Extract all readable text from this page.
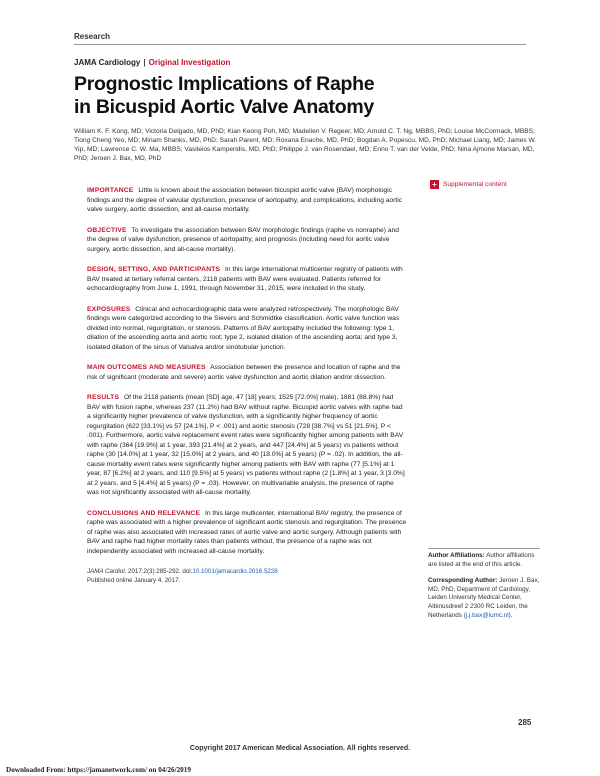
Research
JAMA Cardiology | Original Investigation
Prognostic Implications of Raphe
in Bicuspid Aortic Valve Anatomy

William K. F. Kong, MD; Victoria Delgado, MD, PhD; Kian Keong Poh, MD; Madelien V. Regeer, MD; Arnold C. T. Ng, MBBS, PhD; Louise McCormack, MBBS; Tiong Cheng Yeo, MD; Miriam Shanks, MD, PhD; Sarah Parent, MD; Roxana Enache, MD, PhD; Bogdan A. Popescu, MD, PhD; Michael Liang, MD; James W. Yip, MD; Lawrence C. W. Ma, MBBS; Vasileios Kamperidis, MD, PhD; Philippe J. van Rosendael, MD; Enno T. van der Velde, PhD; Nina Ajmone Marsan, MD, PhD; Jeroen J. Bax, MD, PhD

+ Supplemental content

IMPORTANCE Little is known about the association between bicuspid aortic valve (BAV) morphologic findings and the degree of valvular dysfunction, presence of aortopathy, and complications, including aortic valve surgery, aortic dissection, and all-cause mortality.

OBJECTIVE To investigate the association between BAV morphologic findings (raphe vs nonraphe) and the degree of valve dysfunction, presence of aortopathy, and prognosis (including need for aortic valve surgery, aortic dissection, and all-cause mortality).

DESIGN, SETTING, AND PARTICIPANTS In this large international multicenter registry of patients with BAV treated at tertiary referral centers, 2118 patients with BAV were evaluated. Patients referred for echocardiography from June 1, 1991, through November 31, 2015, were included in the study.

EXPOSURES Clinical and echocardiographic data were analyzed retrospectively. The morphologic BAV findings were categorized according to the Sievers and Schmidtke classification. Aortic valve function was divided into normal, regurgitation, or stenosis. Patterns of BAV aortopathy included the following: type 1, dilation of the ascending aorta and aortic root; type 2, isolated dilation of the ascending aorta; and type 3, isolated dilation of the sinus of Valsalva and/or sinotubular junction.

MAIN OUTCOMES AND MEASURES Association between the presence and location of raphe and the risk of significant (moderate and severe) aortic valve dysfunction and aortic dilation and/or dissection.

RESULTS Of the 2118 patients (mean [SD] age, 47 [18] years; 1525 [72.0%] male), 1881 (88.8%) had BAV with fusion raphe, whereas 237 (11.2%) had BAV without raphe. Bicuspid aortic valves with raphe had a significantly higher prevalence of valve dysfunction, with a significantly higher frequency of aortic regurgitation (622 [33.1%] vs 57 [24.1%], P < .001) and aortic stenosis (728 [38.7%] vs 51 [21.5%], P < .001). Furthermore, aortic valve replacement event rates were significantly higher among patients with BAV with raphe (364 [19.9%] at 1 year, 393 [21.4%] at 2 years, and 447 [24.4%] at 5 years) vs patients without raphe (30 [14.0%] at 1 year, 32 [15.0%] at 2 years, and 40 [18.0%] at 5 years) (P = .02). In addition, the all-cause mortality event rates were significantly higher among patients with BAV with raphe (77 [5.1%] at 1 year, 87 [6.2%] at 2 years, and 110 [9.5%] at 5 years) vs patients without raphe (2 [1.8%] at 1 year, 3 [3.0%] at 2 years, and 5 [4.4%] at 5 years) (P = .03). However, on multivariable analysis, the presence of raphe was not significantly associated with all-cause mortality.

CONCLUSIONS AND RELEVANCE In this large multicenter, international BAV registry, the presence of raphe was associated with a higher prevalence of significant aortic stenosis and regurgitation. The presence of raphe was also associated with increased rates of aortic valve and aortic surgery. Although patients with BAV and raphe had higher mortality rates than patients without, the presence of a raphe was not independently associated with increased all-cause mortality.

JAMA Cardiol. 2017;2(3):285-292. doi:10.1001/jamacardio.2016.5228
Published online January 4, 2017.

Author Affiliations: Author affiliations are listed at the end of this article.

Corresponding Author: Jeroen J. Bax, MD, PhD, Department of Cardiology, Leiden University Medical Center, Albinusdreef 2 2300 RC Leiden, the Netherlands (j.j.bax@lumc.nl).

285
Copyright 2017 American Medical Association. All rights reserved.
Downloaded From: https://jamanetwork.com/ on 04/26/2019
